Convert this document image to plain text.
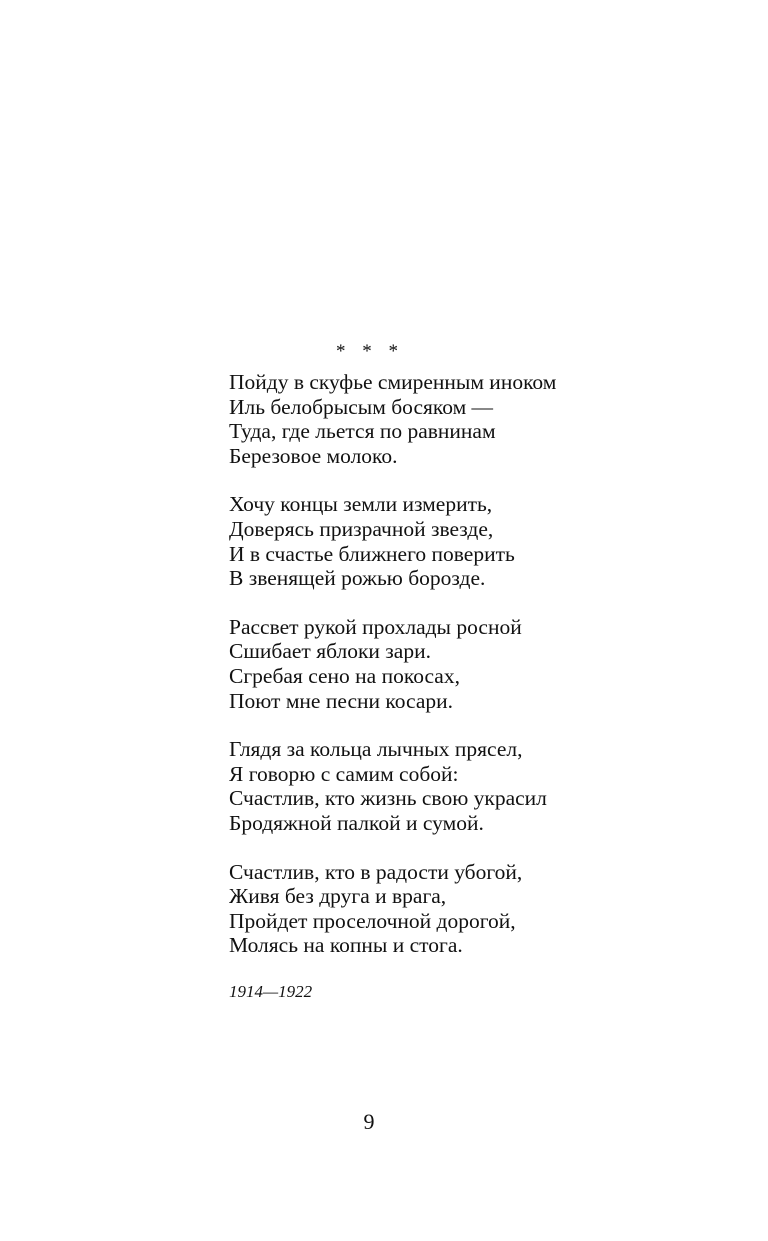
* * *
Пойду в скуфье смиренным иноком
Иль белобрысым босяком —
Туда, где льется по равнинам
Березовое молоко.
Хочу концы земли измерить,
Доверясь призрачной звезде,
И в счастье ближнего поверить
В звенящей рожью борозде.
Рассвет рукой прохлады росной
Сшибает яблоки зари.
Сгребая сено на покосах,
Поют мне песни косари.
Глядя за кольца лычных прясел,
Я говорю с самим собой:
Счастлив, кто жизнь свою украсил
Бродяжной палкой и сумой.
Счастлив, кто в радости убогой,
Живя без друга и врага,
Пройдет проселочной дорогой,
Молясь на копны и стога.
1914—1922
9
